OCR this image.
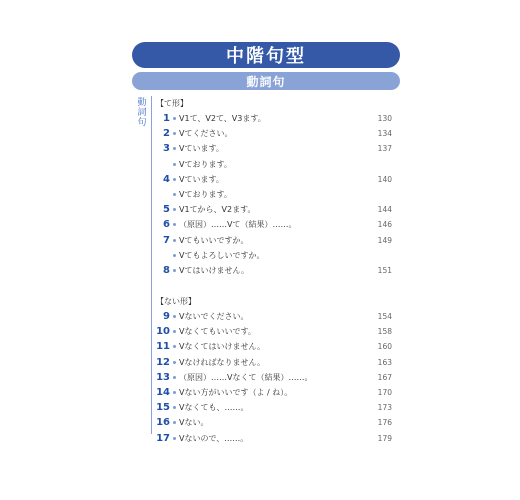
中階句型
動詞句
動詞句
【て形】
1 V1て、V2て、V3ます。	130
2 Vてください。	134
3 Vています。	137
Vております。
4 Vています。	140
Vております。
5 V1てから、V2ます。	144
6 （原因）……Vて（結果）……。	146
7 Vてもいいですか。	149
Vてもよろしいですか。
8 Vてはいけません。	151
【ない形】
9 Vないでください。	154
10 Vなくてもいいです。	158
11 Vなくてはいけません。	160
12 Vなければなりません。	163
13 （原因）……Vなくて（結果）……。	167
14 Vない方がいいです（よ / ね）。	170
15 Vなくても、……。	173
16 Vない。	176
17 Vないので、……。	179
